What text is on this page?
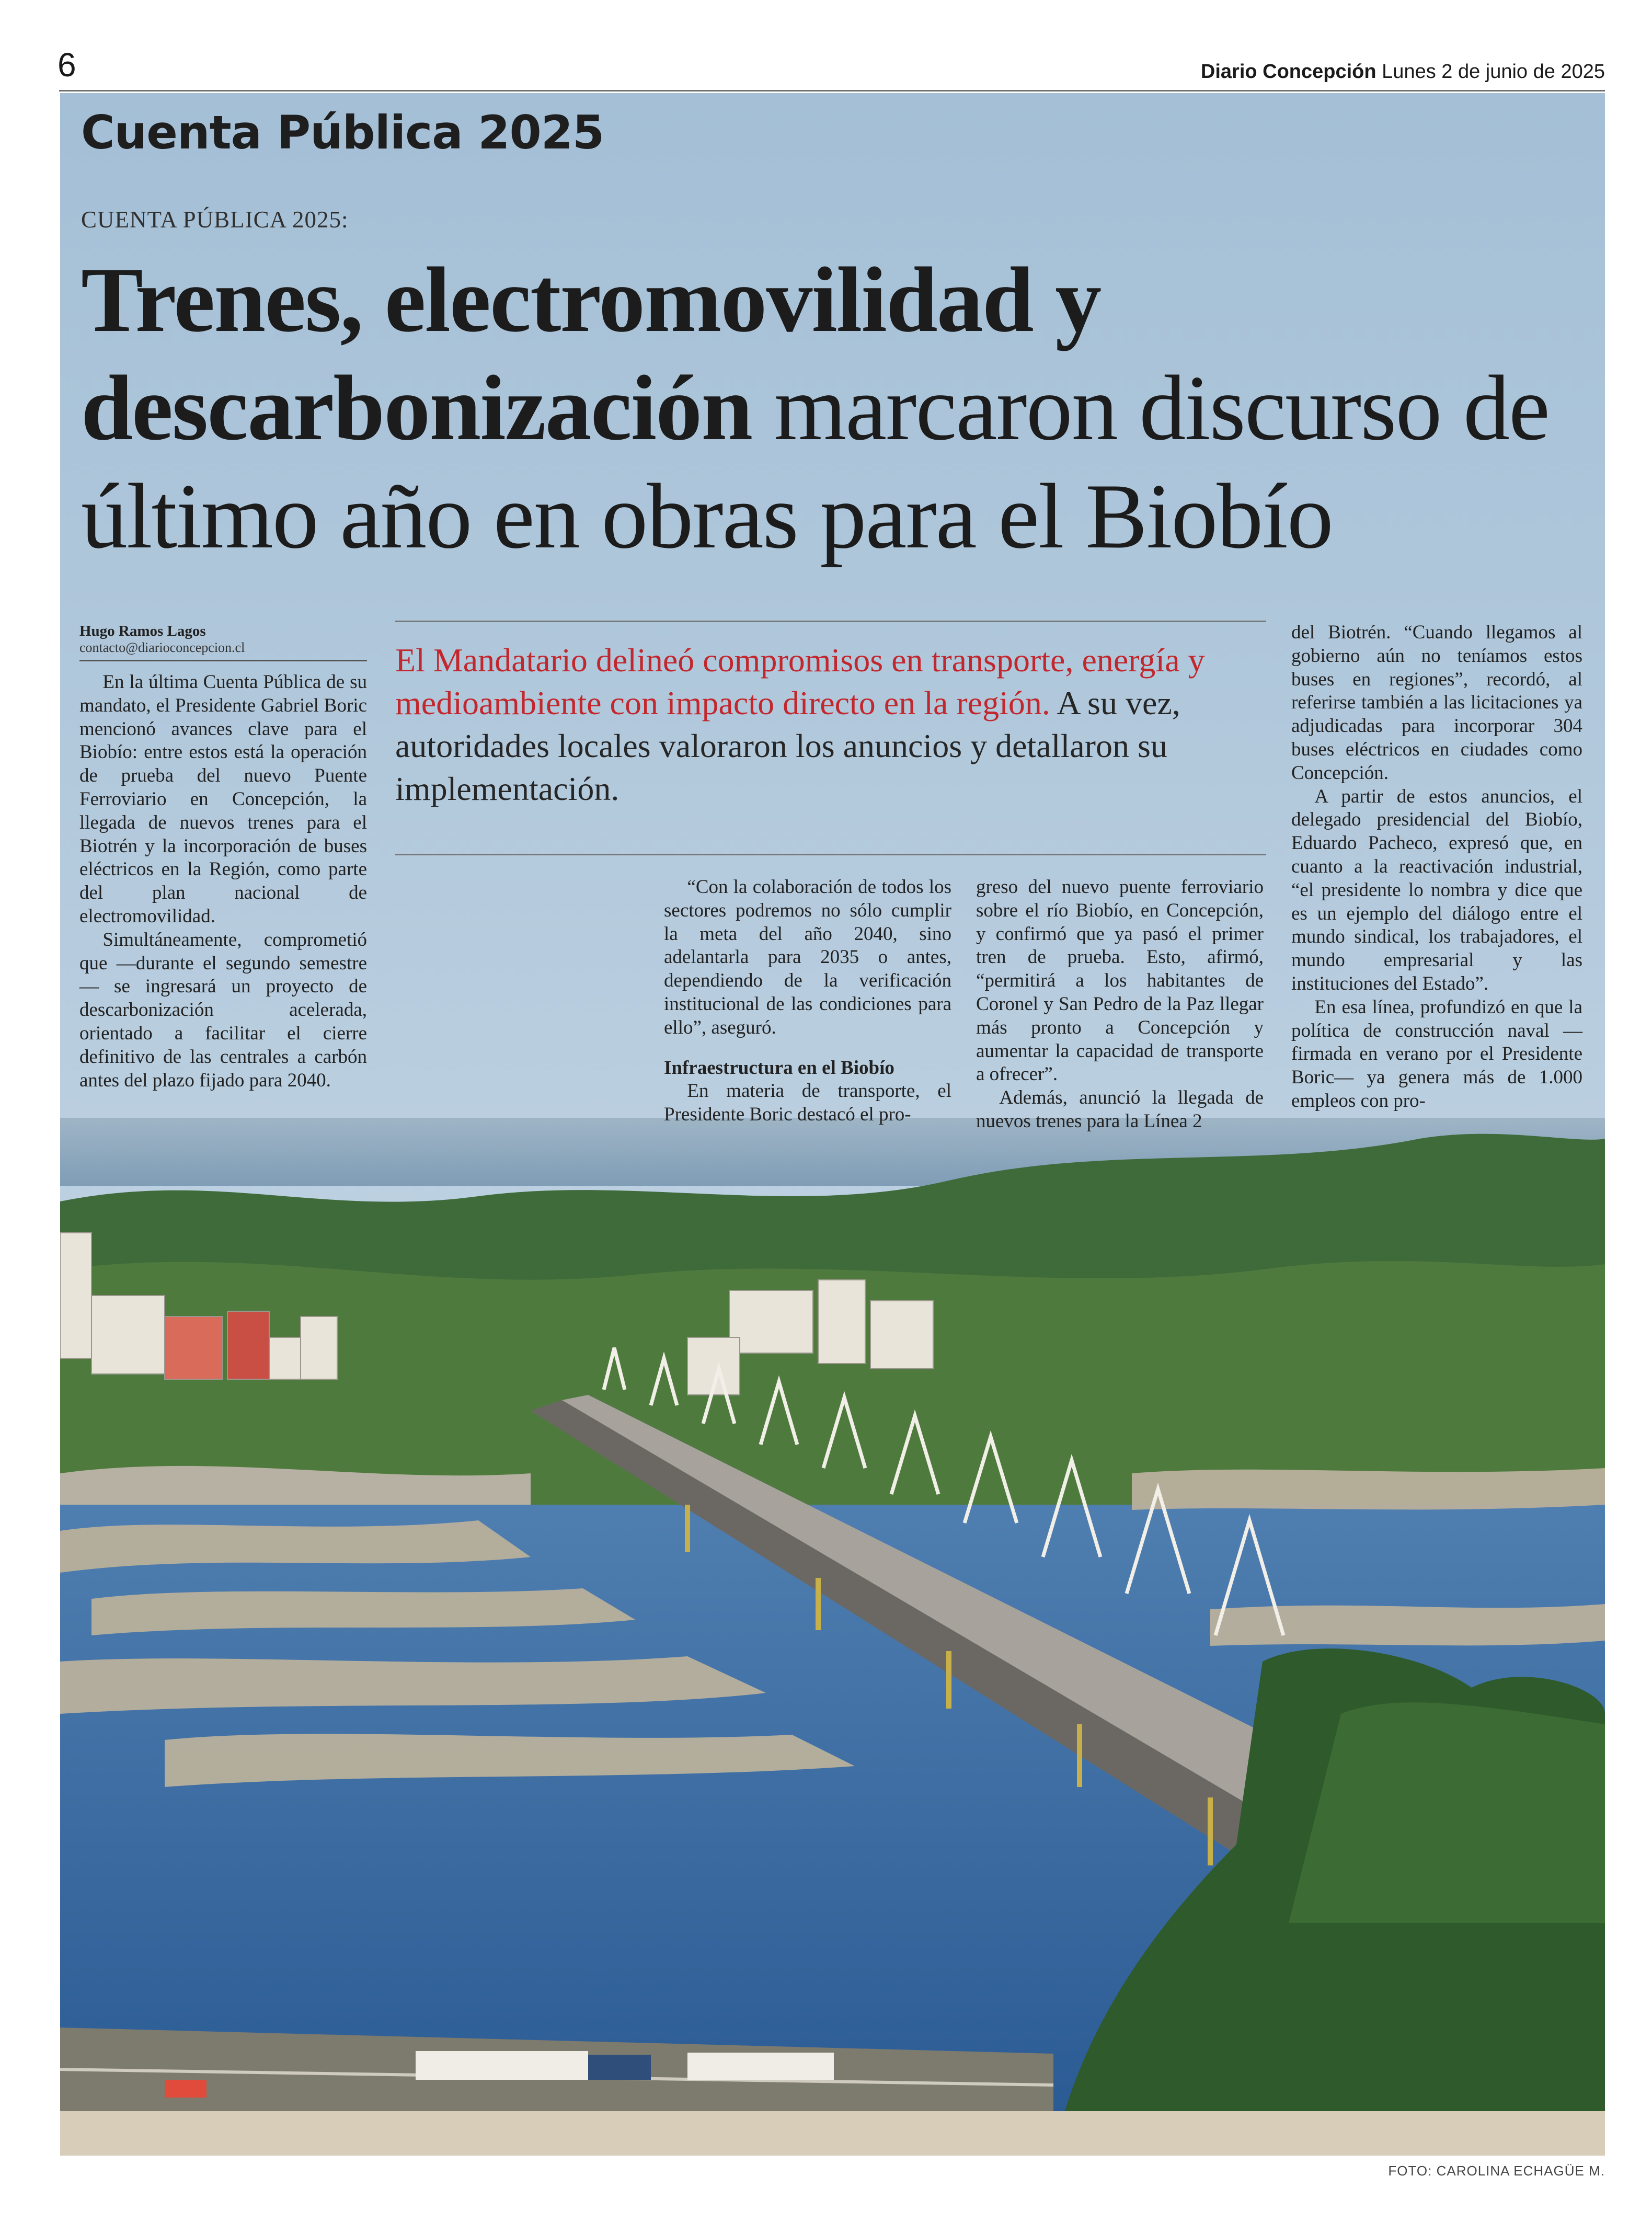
6	Diario Concepción Lunes 2 de junio de 2025
Cuenta Pública 2025
CUENTA PÚBLICA 2025:
Trenes, electromovilidad y descarbonización marcaron discurso de último año en obras para el Biobío
Hugo Ramos Lagos
contacto@diarioconcepcion.cl	El Mandatario delineó compromisos en transporte, energía y medioambiente con impacto directo en la región. A su vez, autoridades locales valoraron los anuncios y detallaron su implementación.

En la última Cuenta Pública de su mandato, el Presidente Gabriel Boric mencionó avances clave para el Biobío: entre estos está la operación de prueba del nuevo Puente Ferroviario en Concepción, la llegada de nuevos trenes para el Biotrén y la incorporación de buses eléctricos en la Región, como parte del plan nacional de electromovilidad.

Simultáneamente, comprometió que —durante el segundo semestre— se ingresará un proyecto de descarbonización acelerada, orientado a facilitar el cierre definitivo de las centrales a carbón antes del plazo fijado para 2040.

“Con la colaboración de todos los sectores podremos no sólo cumplir la meta del año 2040, sino adelantarla para 2035 o antes, dependiendo de la verificación institucional de las condiciones para ello”, aseguró.

Infraestructura en el Biobío

En materia de transporte, el Presidente Boric destacó el pro-

greso del nuevo puente ferroviario sobre el río Biobío, en Concepción, y confirmó que ya pasó el primer tren de prueba. Esto, afirmó, “permitirá a los habitantes de Coronel y San Pedro de la Paz llegar más pronto a Concepción y aumentar la capacidad de transporte a ofrecer”.

Además, anunció la llegada de nuevos trenes para la Línea 2

del Biotrén. “Cuando llegamos al gobierno aún no teníamos estos buses en regiones”, recordó, al referirse también a las licitaciones ya adjudicadas para incorporar 304 buses eléctricos en ciudades como Concepción.

A partir de estos anuncios, el delegado presidencial del Biobío, Eduardo Pacheco, expresó que, en cuanto a la reactivación industrial, “el presidente lo nombra y dice que es un ejemplo del diálogo entre el mundo sindical, los trabajadores, el mundo empresarial y las instituciones del Estado”.

En esa línea, profundizó en que la política de construcción naval —firmada en verano por el Presidente Boric— ya genera más de 1.000 empleos con pro-

FOTO: CAROLINA ECHAGÜE M.
